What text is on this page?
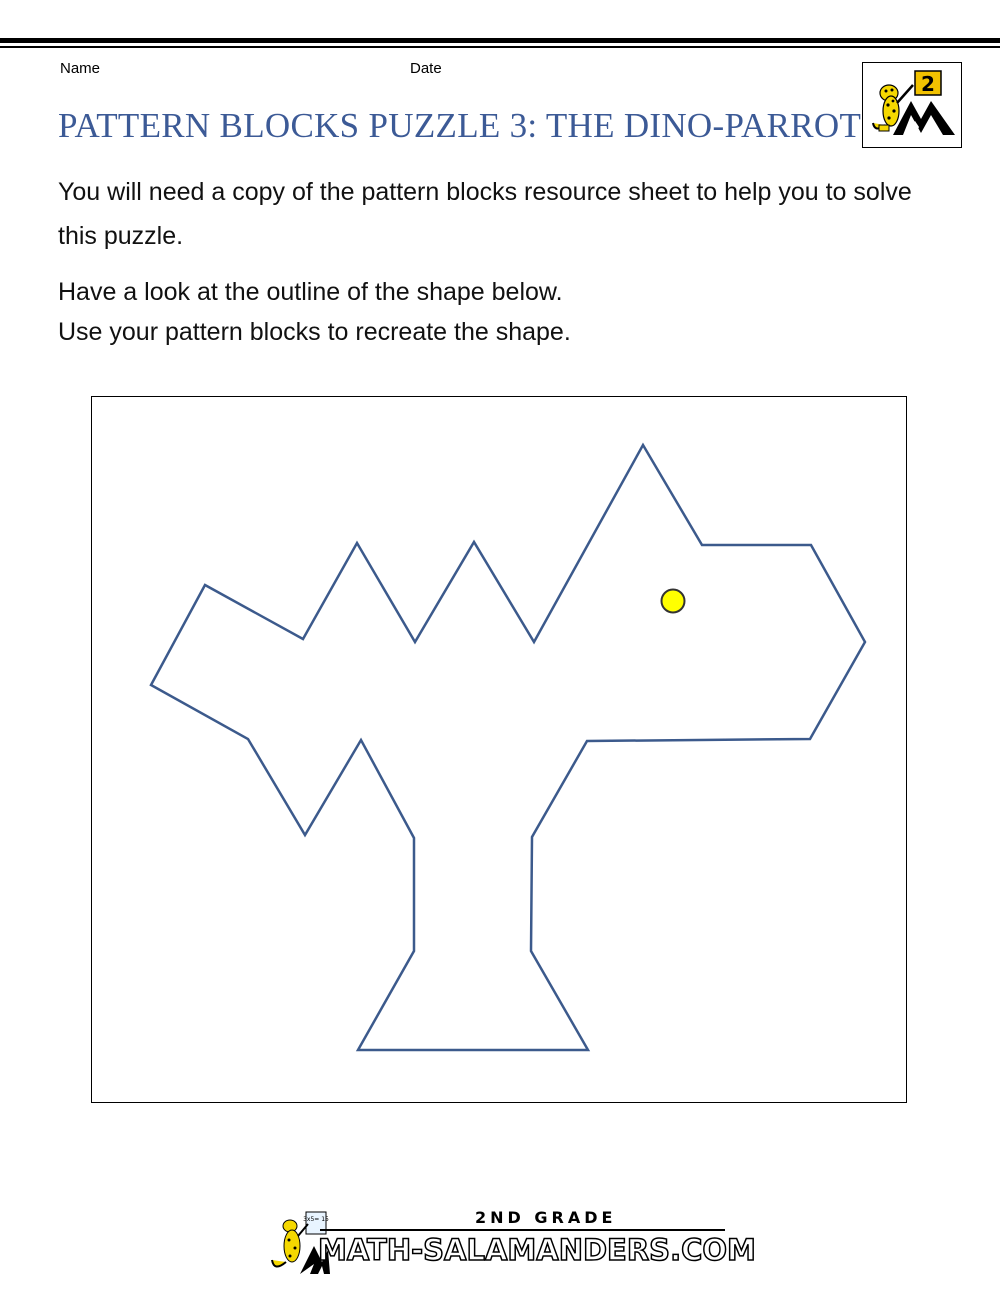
Name	Date
PATTERN BLOCKS PUZZLE 3: THE DINO-PARROT
2
You will need a copy of the pattern blocks resource sheet to help you to solve this puzzle.
Have a look at the outline of the shape below.
Use your pattern blocks to recreate the shape.
3x5= 15	2ND GRADE
MATH-SALAMANDERS.COM
